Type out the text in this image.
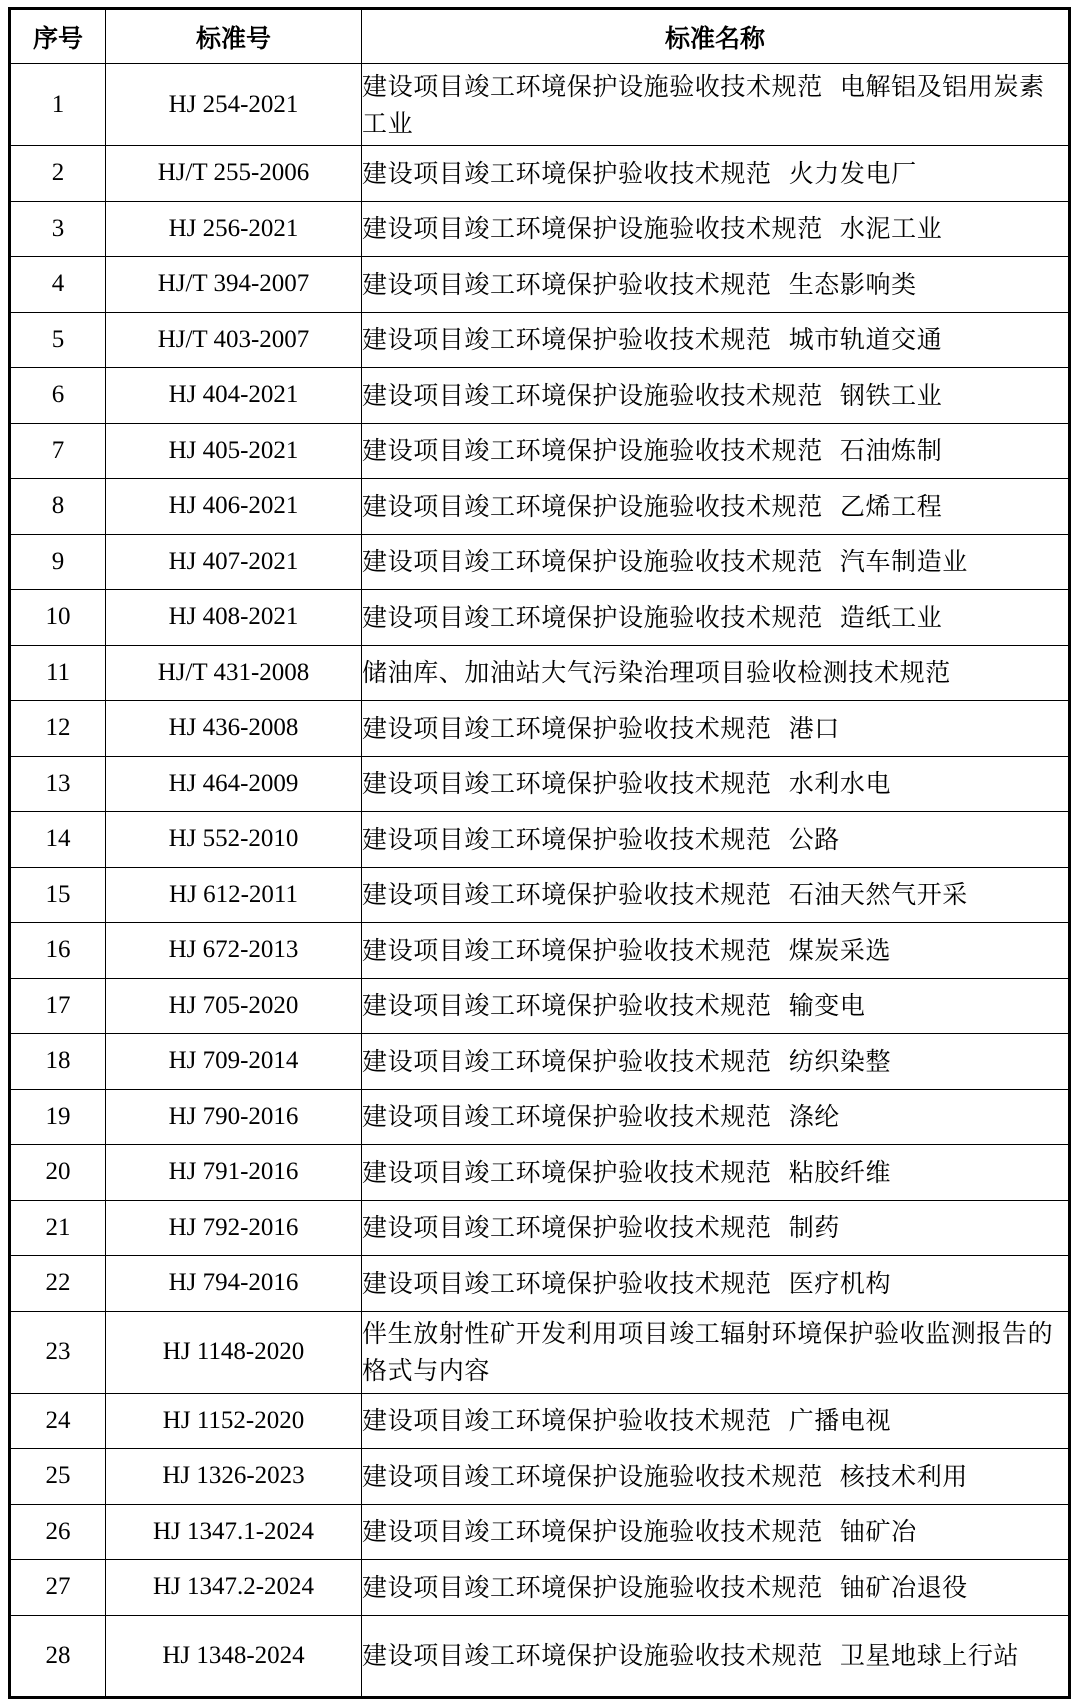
序号	标准号	标准名称
1	HJ 254-2021	建设项目竣工环境保护设施验收技术规范  电解铝及铝用炭素工业
2	HJ/T 255-2006	建设项目竣工环境保护验收技术规范  火力发电厂
3	HJ 256-2021	建设项目竣工环境保护设施验收技术规范  水泥工业
4	HJ/T 394-2007	建设项目竣工环境保护验收技术规范  生态影响类
5	HJ/T 403-2007	建设项目竣工环境保护验收技术规范  城市轨道交通
6	HJ 404-2021	建设项目竣工环境保护设施验收技术规范  钢铁工业
7	HJ 405-2021	建设项目竣工环境保护设施验收技术规范  石油炼制
8	HJ 406-2021	建设项目竣工环境保护设施验收技术规范  乙烯工程
9	HJ 407-2021	建设项目竣工环境保护设施验收技术规范  汽车制造业
10	HJ 408-2021	建设项目竣工环境保护设施验收技术规范  造纸工业
11	HJ/T 431-2008	储油库、加油站大气污染治理项目验收检测技术规范
12	HJ 436-2008	建设项目竣工环境保护验收技术规范  港口
13	HJ 464-2009	建设项目竣工环境保护验收技术规范  水利水电
14	HJ 552-2010	建设项目竣工环境保护验收技术规范  公路
15	HJ 612-2011	建设项目竣工环境保护验收技术规范  石油天然气开采
16	HJ 672-2013	建设项目竣工环境保护验收技术规范  煤炭采选
17	HJ 705-2020	建设项目竣工环境保护验收技术规范  输变电
18	HJ 709-2014	建设项目竣工环境保护验收技术规范  纺织染整
19	HJ 790-2016	建设项目竣工环境保护验收技术规范  涤纶
20	HJ 791-2016	建设项目竣工环境保护验收技术规范  粘胶纤维
21	HJ 792-2016	建设项目竣工环境保护验收技术规范  制药
22	HJ 794-2016	建设项目竣工环境保护验收技术规范  医疗机构
23	HJ 1148-2020	伴生放射性矿开发利用项目竣工辐射环境保护验收监测报告的格式与内容
24	HJ 1152-2020	建设项目竣工环境保护验收技术规范  广播电视
25	HJ 1326-2023	建设项目竣工环境保护设施验收技术规范  核技术利用
26	HJ 1347.1-2024	建设项目竣工环境保护设施验收技术规范  铀矿冶
27	HJ 1347.2-2024	建设项目竣工环境保护设施验收技术规范  铀矿冶退役
28	HJ 1348-2024	建设项目竣工环境保护设施验收技术规范  卫星地球上行站
